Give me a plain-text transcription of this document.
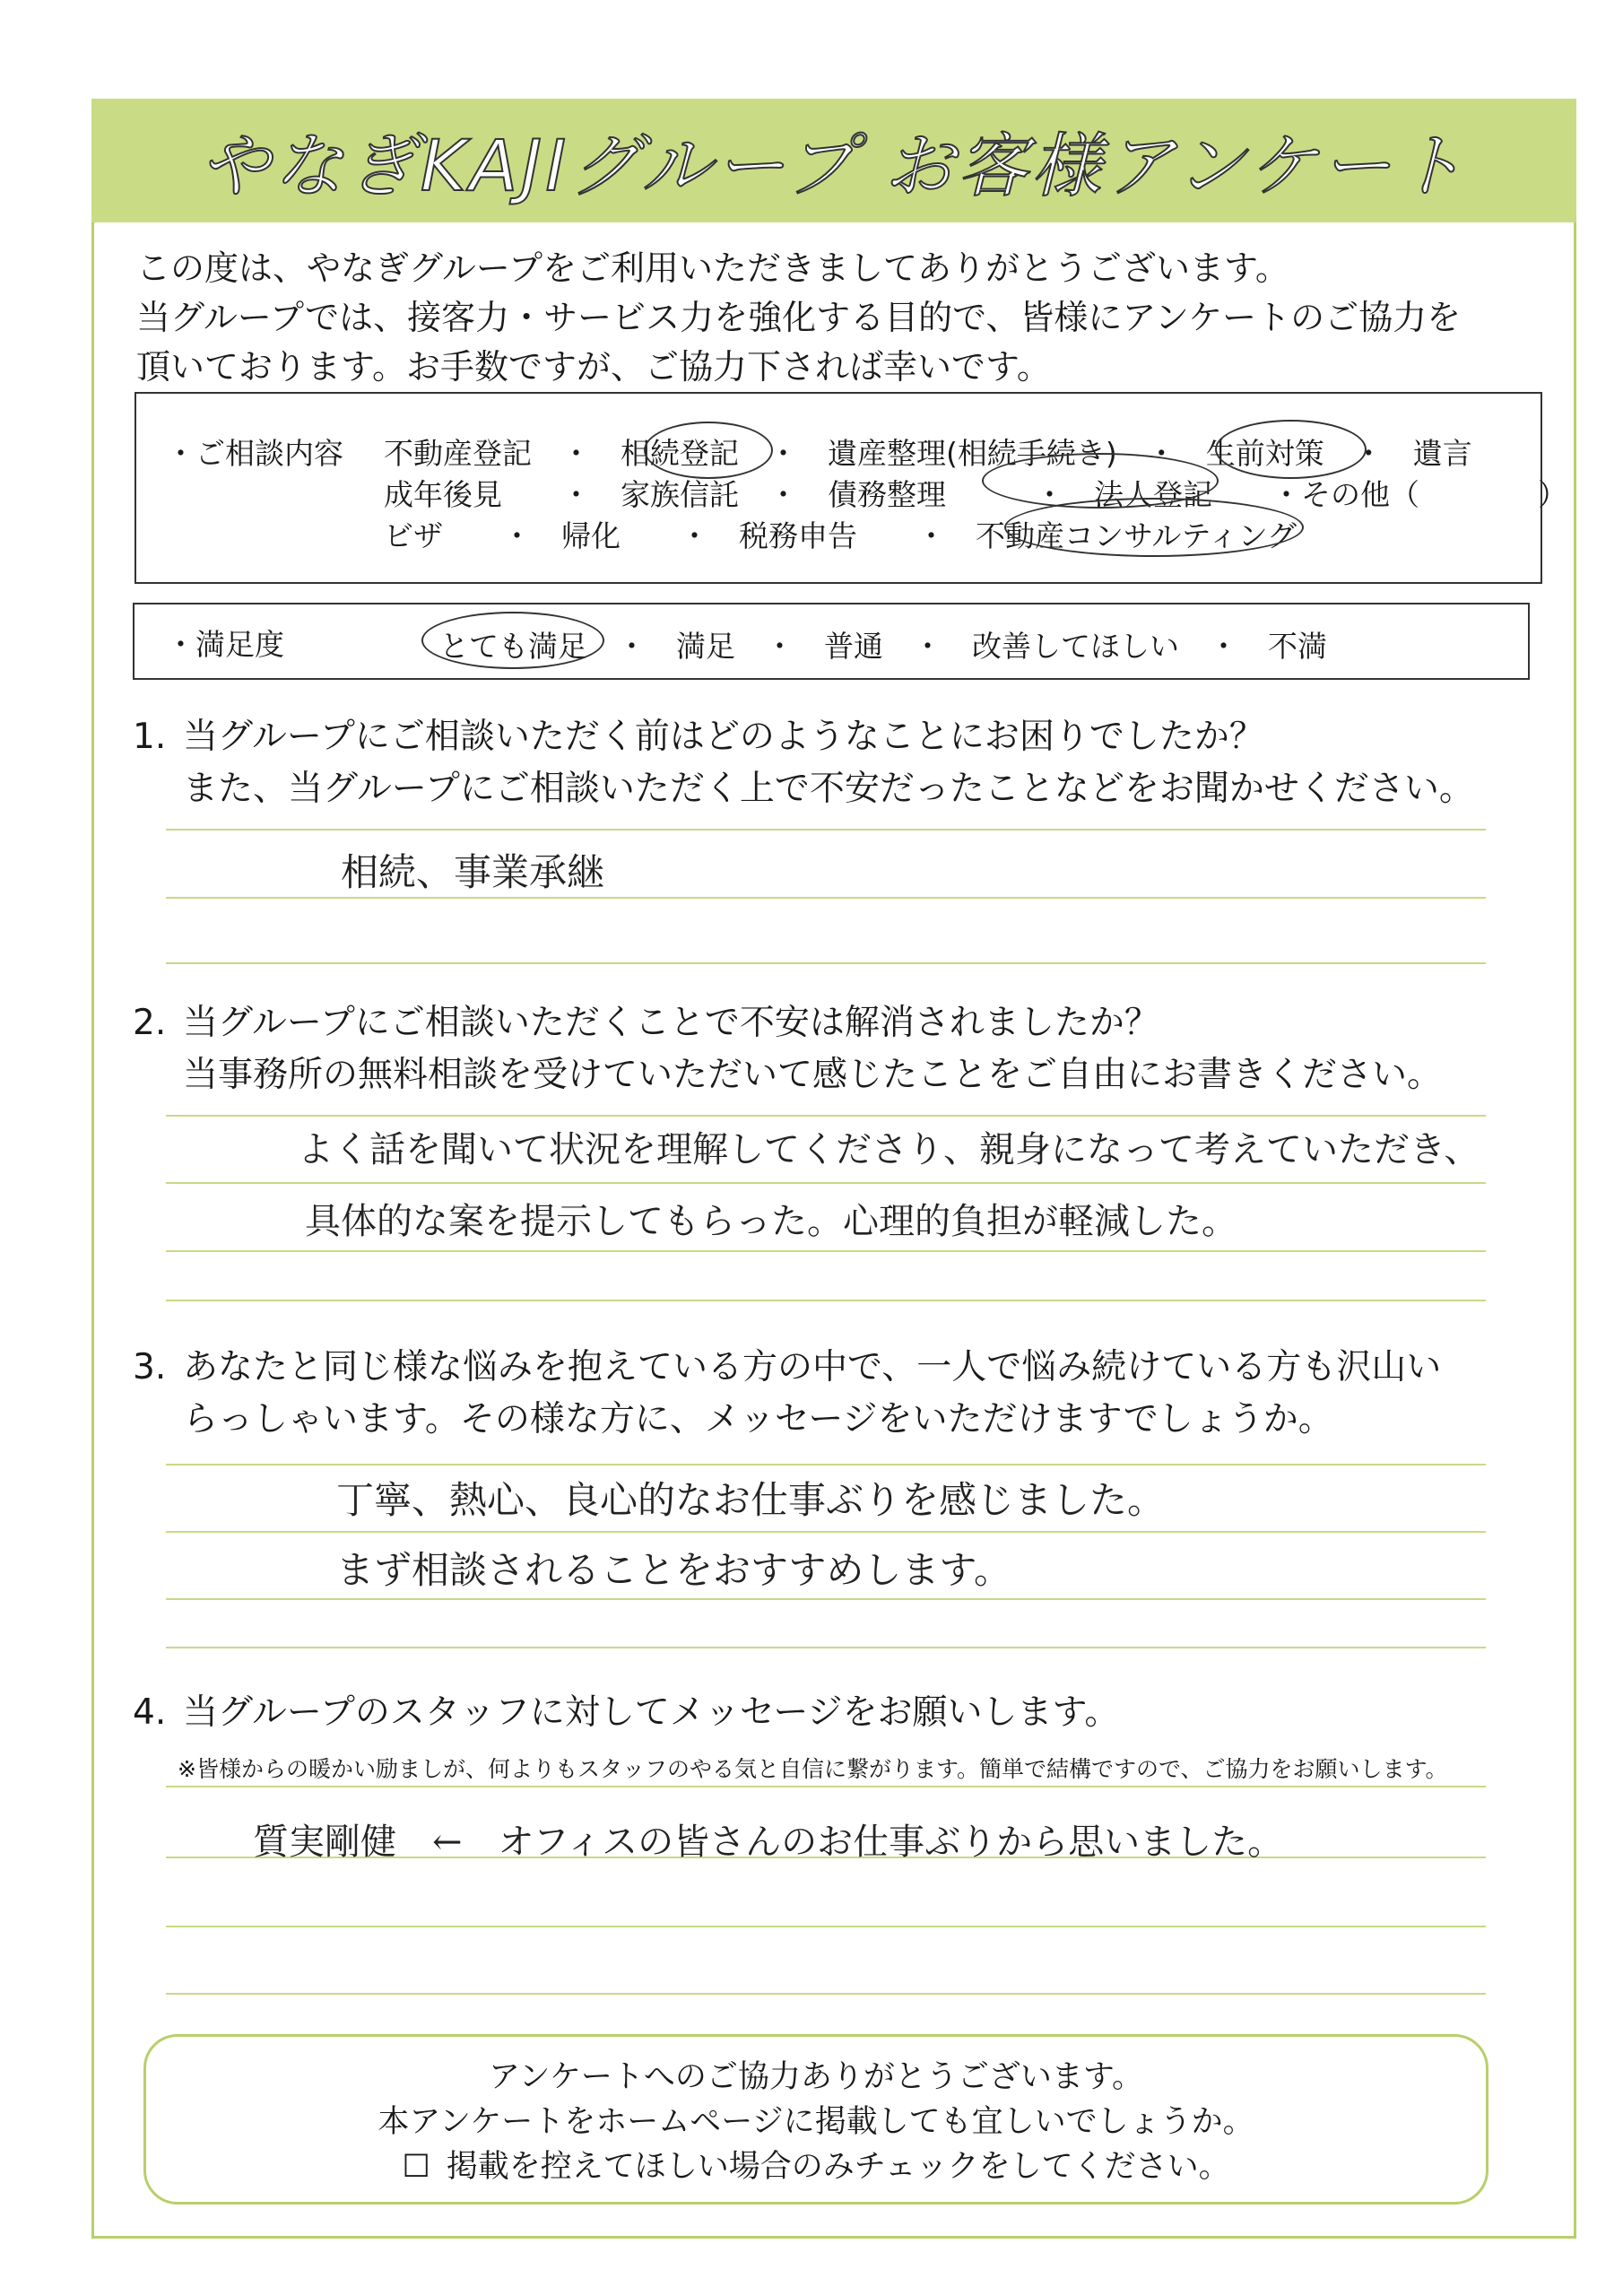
やなぎKAJIグループ お客様アンケート
この度は、やなぎグループをご利用いただきましてありがとうございます。
当グループでは、接客力・サービス力を強化する目的で、皆様にアンケートのご協力を
頂いております。お手数ですが、ご協力下されば幸いです。
・ご相談内容 不動産登記　・　相続登記　・　遺産整理(相続手続き)　・　生前対策　・　遺言
成年後見　　・　家族信託　・　債務整理　　　・　法人登記　　・その他（　　　　）
ビザ　　・　帰化　　・　税務申告　　・　不動産コンサルティング
・満足度	とても満足　・　満足　・　普通　・　改善してほしい　・　不満
1. 当グループにご相談いただく前はどのようなことにお困りでしたか？
また、当グループにご相談いただく上で不安だったことなどをお聞かせください。
相続、事業承継
2. 当グループにご相談いただくことで不安は解消されましたか？
当事務所の無料相談を受けていただいて感じたことをご自由にお書きください。
よく話を聞いて状況を理解してくださり、親身になって考えていただき、
具体的な案を提示してもらった。心理的負担が軽減した。
3. あなたと同じ様な悩みを抱えている方の中で、一人で悩み続けている方も沢山い
らっしゃいます。その様な方に、メッセージをいただけますでしょうか。
丁寧、熱心、良心的なお仕事ぶりを感じました。
まず相談されることをおすすめします。
4. 当グループのスタッフに対してメッセージをお願いします。
※皆様からの暖かい励ましが、何よりもスタッフのやる気と自信に繋がります。簡単で結構ですので、ご協力をお願いします。
質実剛健　←　オフィスの皆さんのお仕事ぶりから思いました。
アンケートへのご協力ありがとうございます。
本アンケートをホームページに掲載しても宜しいでしょうか。
☐ 掲載を控えてほしい場合のみチェックをしてください。
